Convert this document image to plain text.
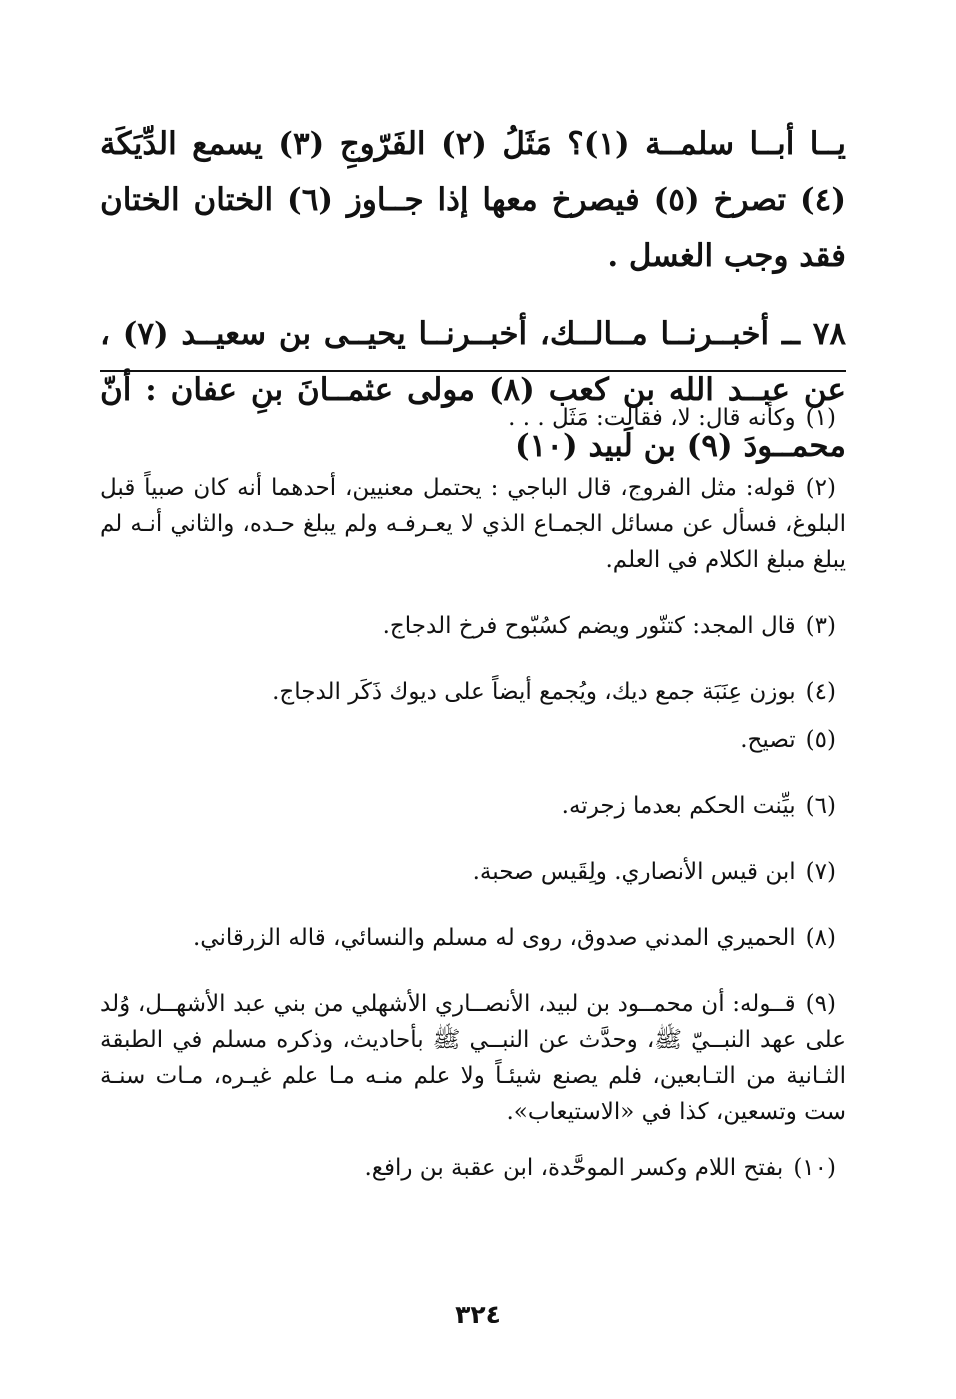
يــا أبــا سلمــة (١)؟ مَثَلُ (٢) الفَرّوجِ (٣) يسمع الدِّيَكَة (٤) تصرخ (٥) فيصرخ معها إذا جــاوز (٦) الختان الختان فقد وجب الغسل .

٧٨ ــ أخبــرنــا مــالــك، أخبــرنــا يحيــى بن سعيــد (٧) ، عن عبــد الله بن كعب (٨) مولى عثمــانَ بنِ عفان : أنّ محمــودَ (٩) بن لَبيد (١٠)

(١)وكأنه قال: لا، فقالت: مَثَل . . .

(٢)قوله: مثل الفروج، قال الباجي : يحتمل معنيين، أحدهما أنه كان صبياً قبل البلوغ، فسأل عن مسائل الجمـاع الذي لا يعـرفـه ولم يبلغ حـده، والثاني أنـه لم يبلغ مبلغ الكلام في العلم.

(٣)قال المجد: كتنّور ويضم كسُبّوح فرخ الدجاج.

(٤)بوزن عِنَبَة جمع ديك، ويُجمع أيضاً على ديوك ذَكَر الدجاج.

(٥)تصيح.

(٦)بيِّنت الحكم بعدما زجرته.

(٧)ابن قيس الأنصاري. ولِقَيس صحبة.

(٨)الحميري المدني صدوق، روى له مسلم والنسائي، قاله الزرقاني.

(٩)قــوله: أن محمــود بن لبيد، الأنصــاري الأشهلي من بني عبد الأشهــل، وُلد على عهد النبــيّ ﷺ، وحدَّث عن النبــي ﷺ بأحاديث، وذكره مسلم في الطبقة الثـانية من التـابعين، فلم يصنع شيئـاً ولا علم منـه مـا علم غيـره، مـات سنـة ست وتسعين، كذا في «الاستيعاب».

(١٠)بفتح اللام وكسر الموحَّدة، ابن عقبة بن رافع.

٣٢٤
